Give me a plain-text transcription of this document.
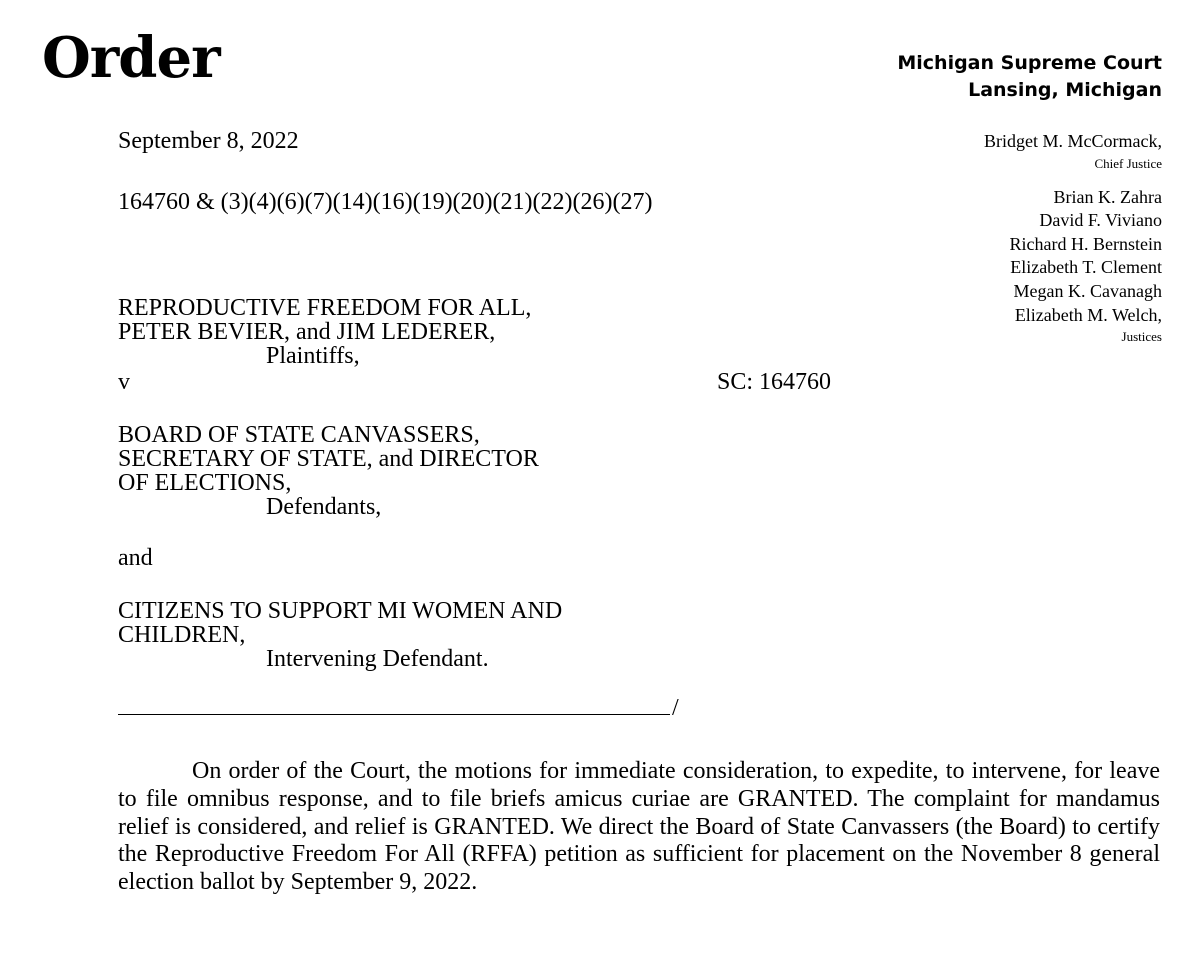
Order	Michigan Supreme Court
Lansing, Michigan
September 8, 2022
164760 & (3)(4)(6)(7)(14)(16)(19)(20)(21)(22)(26)(27)
Bridget M. McCormack,
Chief Justice
Brian K. Zahra
David F. Viviano
Richard H. Bernstein
Elizabeth T. Clement
Megan K. Cavanagh
Elizabeth M. Welch,
Justices
REPRODUCTIVE FREEDOM FOR ALL,
PETER BEVIER, and JIM LEDERER,
Plaintiffs,
v	SC: 164760
BOARD OF STATE CANVASSERS,
SECRETARY OF STATE, and DIRECTOR
OF ELECTIONS,
Defendants,
and
CITIZENS TO SUPPORT MI WOMEN AND
CHILDREN,
Intervening Defendant.
/

On order of the Court, the motions for immediate consideration, to expedite, to intervene, for leave to file omnibus response, and to file briefs amicus curiae are GRANTED. The complaint for mandamus relief is considered, and relief is GRANTED. We direct the Board of State Canvassers (the Board) to certify the Reproductive Freedom For All (RFFA) petition as sufficient for placement on the November 8 general election ballot by September 9, 2022.
